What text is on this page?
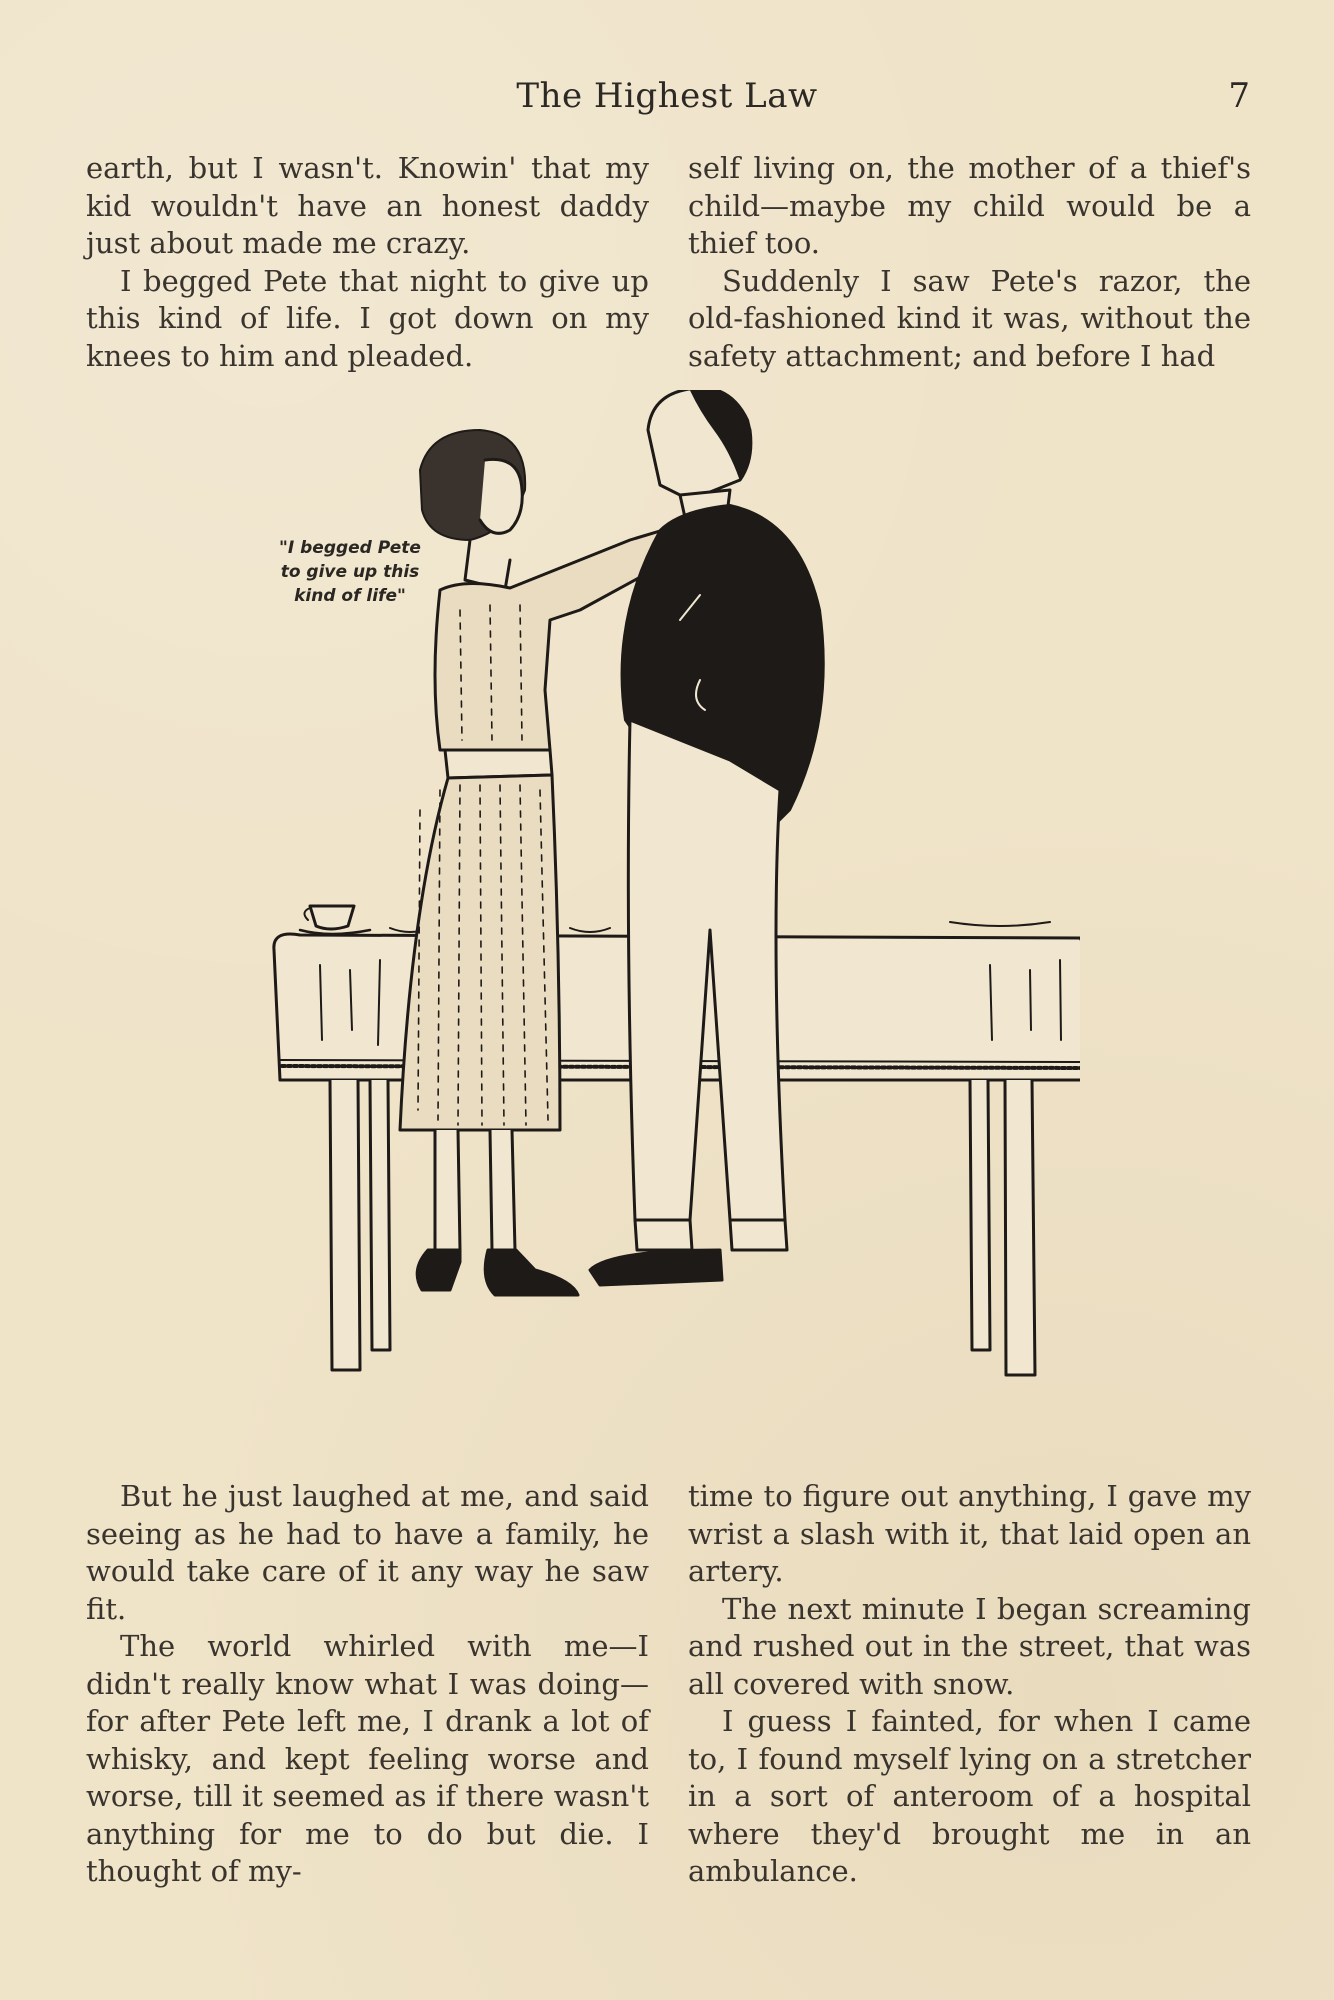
The Highest Law	7

earth, but I wasn't. Knowin' that my kid wouldn't have an honest daddy just about made me crazy.

I begged Pete that night to give up this kind of life. I got down on my knees to him and pleaded.

self living on, the mother of a thief's child—maybe my child would be a thief too.

Suddenly I saw Pete's razor, the old-fashioned kind it was, without the safety attachment; and before I had

"I begged Pete
to give up this
kind of life"

But he just laughed at me, and said seeing as he had to have a family, he would take care of it any way he saw fit.

The world whirled with me—I didn't really know what I was doing—for after Pete left me, I drank a lot of whisky, and kept feeling worse and worse, till it seemed as if there wasn't anything for me to do but die. I thought of my-

time to figure out anything, I gave my wrist a slash with it, that laid open an artery.

The next minute I began screaming and rushed out in the street, that was all covered with snow.

I guess I fainted, for when I came to, I found myself lying on a stretcher in a sort of anteroom of a hospital where they'd brought me in an ambulance.
